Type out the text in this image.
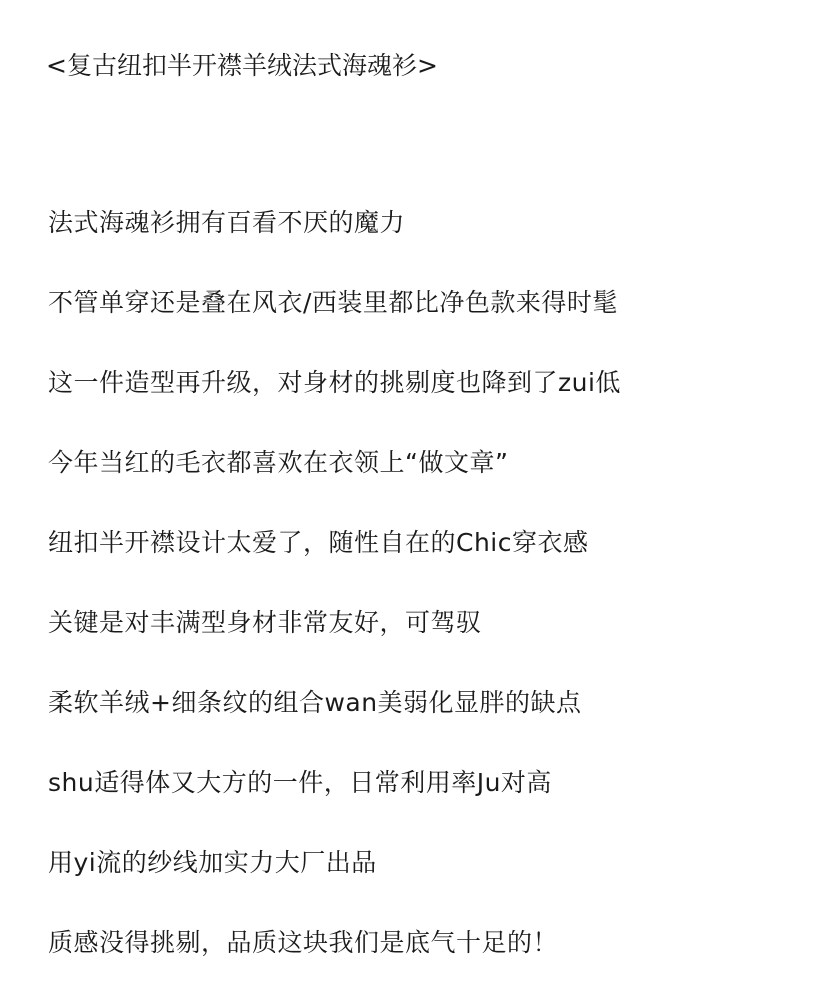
<复古纽扣半开襟羊绒法式海魂衫>
法式海魂衫拥有百看不厌的魔力
不管单穿还是叠在风衣/西装里都比净色款来得时髦
这一件造型再升级，对身材的挑剔度也降到了zui低
今年当红的毛衣都喜欢在衣领上“做文章”
纽扣半开襟设计太爱了，随性自在的Chic穿衣感
关键是对丰满型身材非常友好，可驾驭
柔软羊绒+细条纹的组合wan美弱化显胖的缺点
shu适得体又大方的一件，日常利用率Ju对高
用yi流的纱线加实力大厂出品
质感没得挑剔，品质这块我们是底气十足的！
